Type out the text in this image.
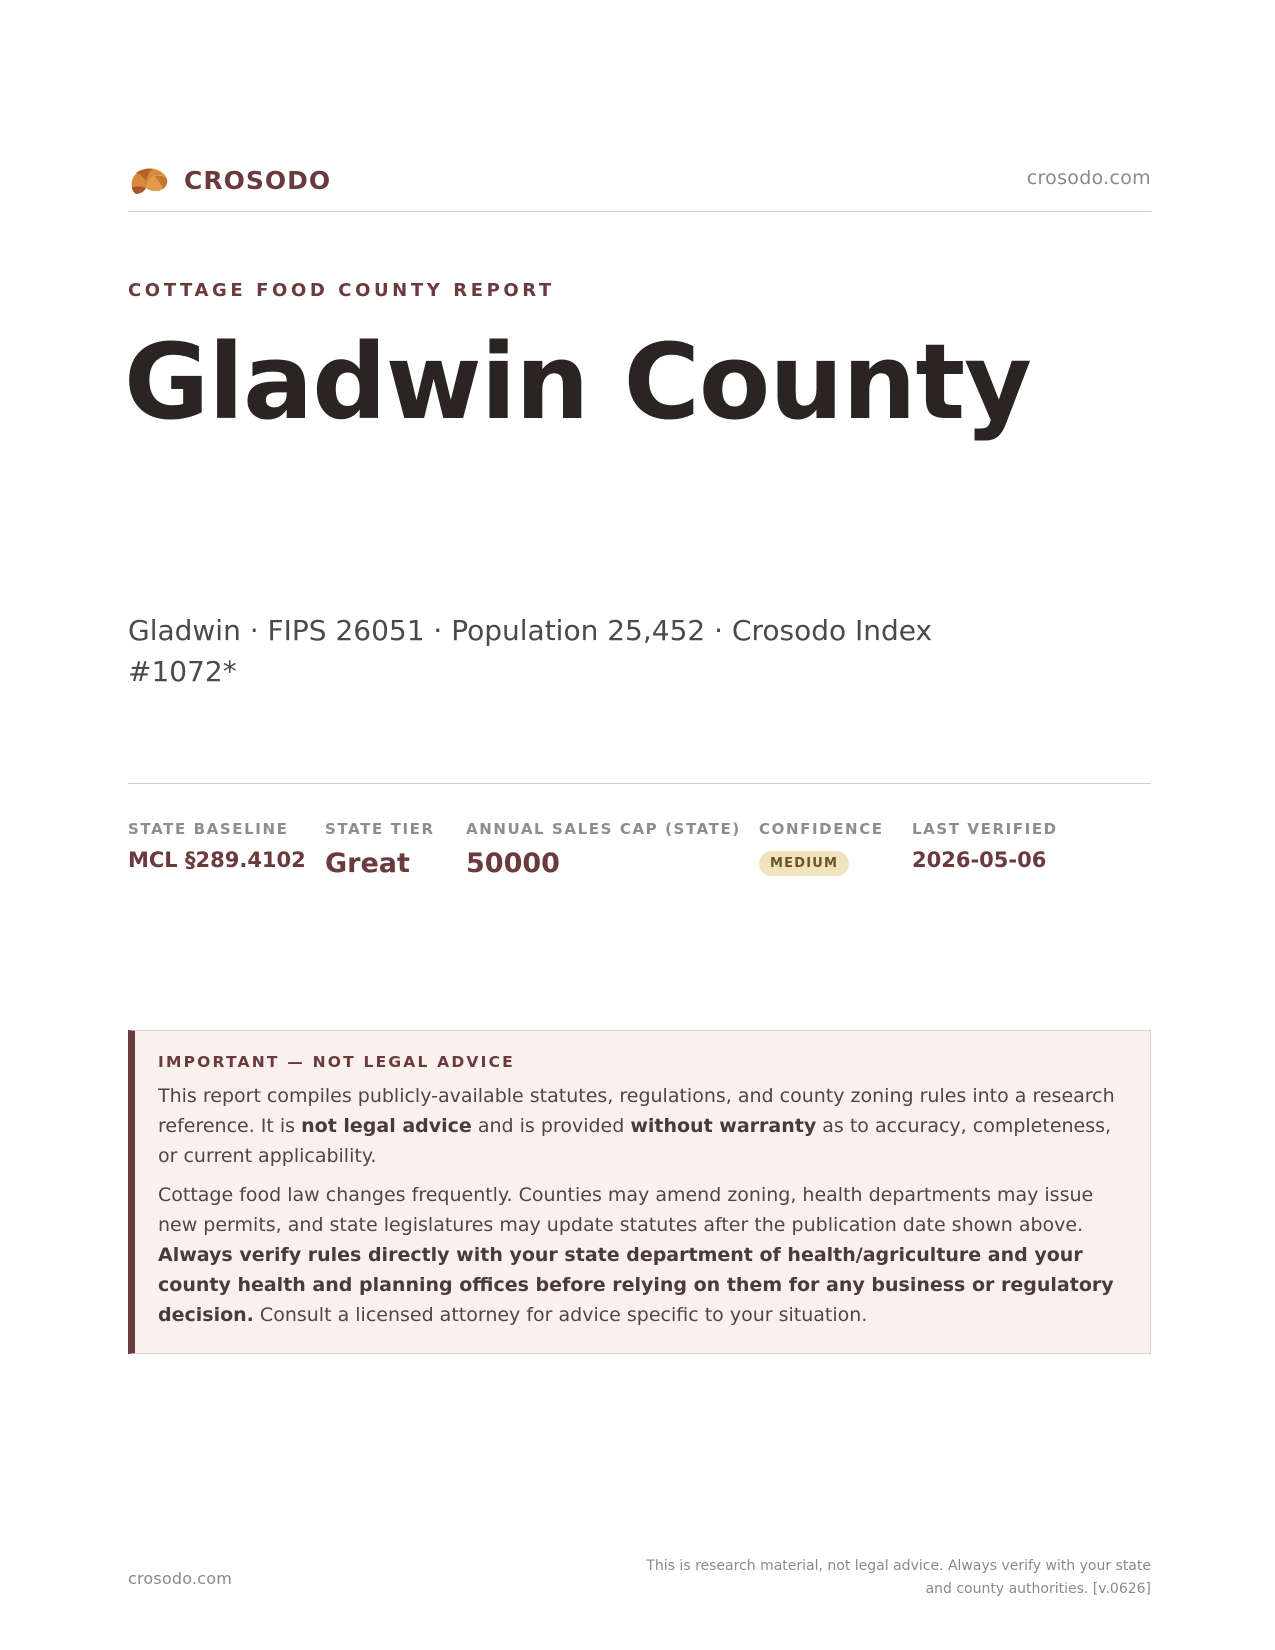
CROSODO	crosodo.com
COTTAGE FOOD COUNTY REPORT
Gladwin County
Gladwin · FIPS 26051 · Population 25,452 · Crosodo Index #1072*
STATE BASELINE
MCL §289.4102
STATE TIER
Great
ANNUAL SALES CAP (STATE)
50000
CONFIDENCE
MEDIUM
LAST VERIFIED
2026-05-06
IMPORTANT — NOT LEGAL ADVICE

This report compiles publicly-available statutes, regulations, and county zoning rules into a research reference. It is not legal advice and is provided without warranty as to accuracy, completeness, or current applicability.

Cottage food law changes frequently. Counties may amend zoning, health departments may issue new permits, and state legislatures may update statutes after the publication date shown above. Always verify rules directly with your state department of health/agriculture and your county health and planning offices before relying on them for any business or regulatory decision. Consult a licensed attorney for advice specific to your situation.

crosodo.com
This is research material, not legal advice. Always verify with your state
and county authorities. [v.0626]
